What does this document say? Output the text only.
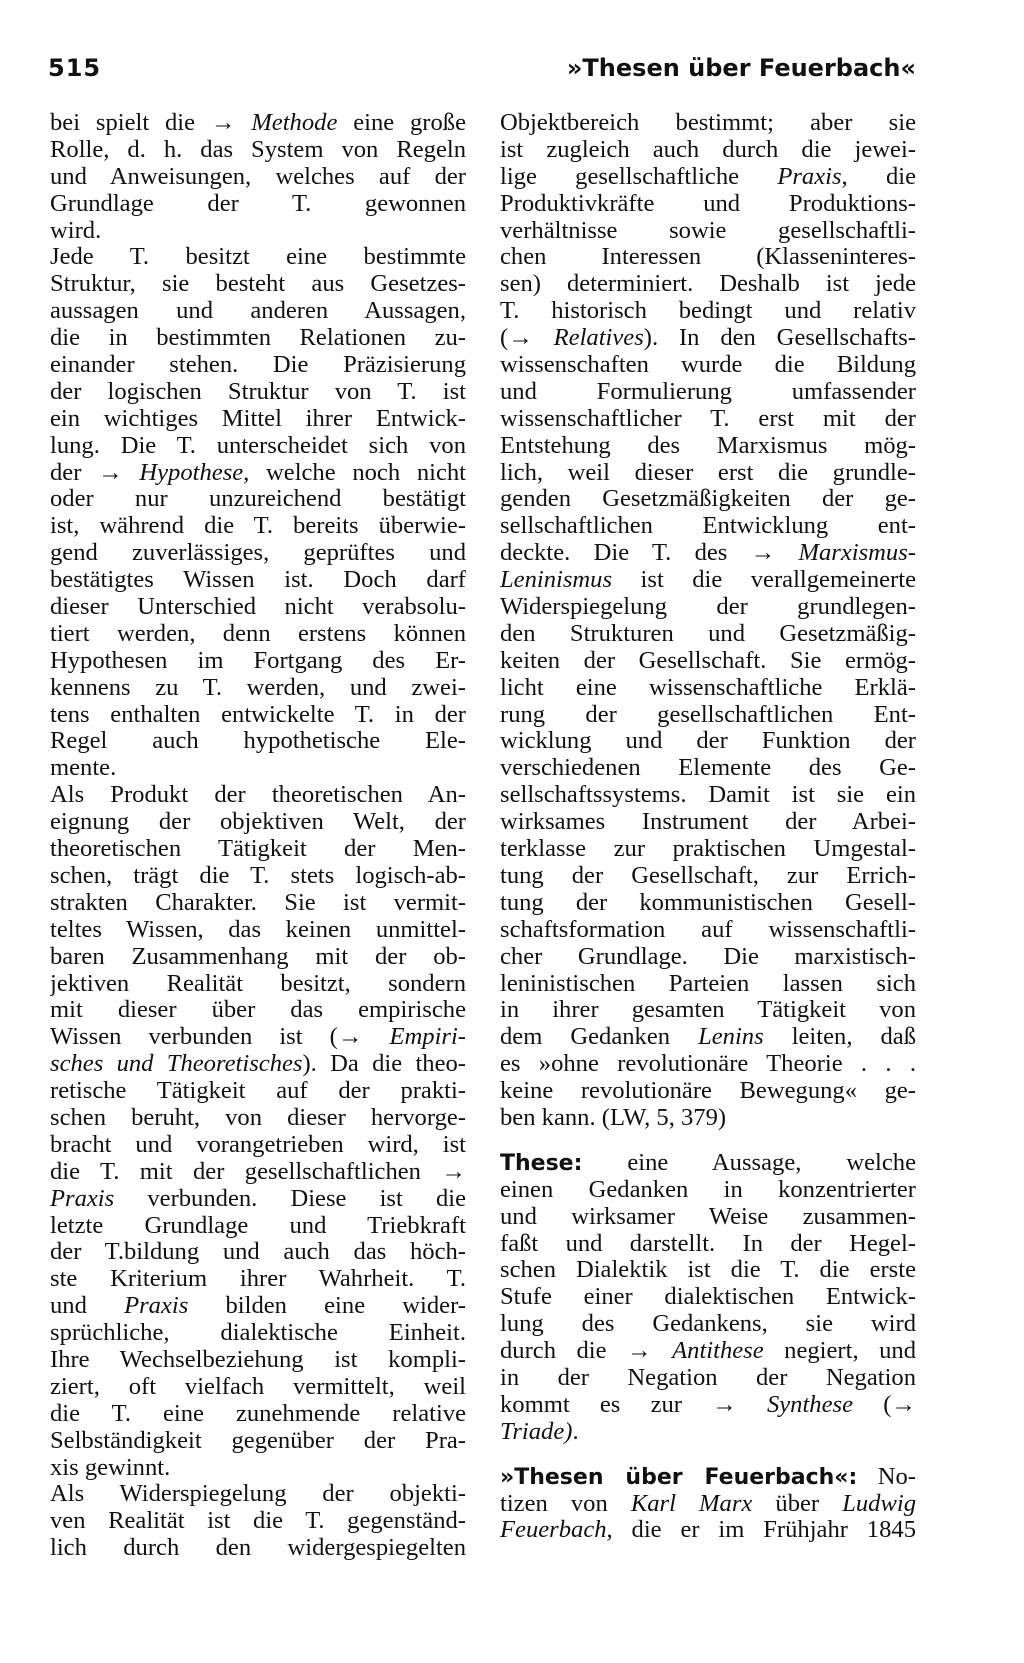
515	»Thesen über Feuerbach«
bei spielt die → Methode eine große
Rolle, d. h. das System von Regeln
und Anweisungen, welches auf der
Grundlage der T. gewonnen
wird.
Jede T. besitzt eine bestimmte
Struktur, sie besteht aus Gesetzes-
aussagen und anderen Aussagen,
die in bestimmten Relationen zu-
einander stehen. Die Präzisierung
der logischen Struktur von T. ist
ein wichtiges Mittel ihrer Entwick-
lung. Die T. unterscheidet sich von
der → Hypothese, welche noch nicht
oder nur unzureichend bestätigt
ist, während die T. bereits überwie-
gend zuverlässiges, geprüftes und
bestätigtes Wissen ist. Doch darf
dieser Unterschied nicht verabsolu-
tiert werden, denn erstens können
Hypothesen im Fortgang des Er-
kennens zu T. werden, und zwei-
tens enthalten entwickelte T. in der
Regel auch hypothetische Ele-
mente.
Als Produkt der theoretischen An-
eignung der objektiven Welt, der
theoretischen Tätigkeit der Men-
schen, trägt die T. stets logisch-ab-
strakten Charakter. Sie ist vermit-
teltes Wissen, das keinen unmittel-
baren Zusammenhang mit der ob-
jektiven Realität besitzt, sondern
mit dieser über das empirische
Wissen verbunden ist (→ Empiri-
sches und Theoretisches). Da die theo-
retische Tätigkeit auf der prakti-
schen beruht, von dieser hervorge-
bracht und vorangetrieben wird, ist
die T. mit der gesellschaftlichen →
Praxis verbunden. Diese ist die
letzte Grundlage und Triebkraft
der T.bildung und auch das höch-
ste Kriterium ihrer Wahrheit. T.
und Praxis bilden eine wider-
sprüchliche, dialektische Einheit.
Ihre Wechselbeziehung ist kompli-
ziert, oft vielfach vermittelt, weil
die T. eine zunehmende relative
Selbständigkeit gegenüber der Pra-
xis gewinnt.
Als Widerspiegelung der objekti-
ven Realität ist die T. gegenständ-
lich durch den widergespiegelten
Objektbereich bestimmt; aber sie
ist zugleich auch durch die jewei-
lige gesellschaftliche Praxis, die
Produktivkräfte und Produktions-
verhältnisse sowie gesellschaftli-
chen Interessen (Klasseninteres-
sen) determiniert. Deshalb ist jede
T. historisch bedingt und relativ
(→ Relatives). In den Gesellschafts-
wissenschaften wurde die Bildung
und Formulierung umfassender
wissenschaftlicher T. erst mit der
Entstehung des Marxismus mög-
lich, weil dieser erst die grundle-
genden Gesetzmäßigkeiten der ge-
sellschaftlichen Entwicklung ent-
deckte. Die T. des → Marxismus-
Leninismus ist die verallgemeinerte
Widerspiegelung der grundlegen-
den Strukturen und Gesetzmäßig-
keiten der Gesellschaft. Sie ermög-
licht eine wissenschaftliche Erklä-
rung der gesellschaftlichen Ent-
wicklung und der Funktion der
verschiedenen Elemente des Ge-
sellschaftssystems. Damit ist sie ein
wirksames Instrument der Arbei-
terklasse zur praktischen Umgestal-
tung der Gesellschaft, zur Errich-
tung der kommunistischen Gesell-
schaftsformation auf wissenschaftli-
cher Grundlage. Die marxistisch-
leninistischen Parteien lassen sich
in ihrer gesamten Tätigkeit von
dem Gedanken Lenins leiten, daß
es »ohne revolutionäre Theorie . . .
keine revolutionäre Bewegung« ge-
ben kann. (LW, 5, 379)
These: eine Aussage, welche
einen Gedanken in konzentrierter
und wirksamer Weise zusammen-
faßt und darstellt. In der Hegel-
schen Dialektik ist die T. die erste
Stufe einer dialektischen Entwick-
lung des Gedankens, sie wird
durch die → Antithese negiert, und
in der Negation der Negation
kommt es zur → Synthese (→
Triade).
»Thesen über Feuerbach«: No-
tizen von Karl Marx über Ludwig
Feuerbach, die er im Frühjahr 1845
